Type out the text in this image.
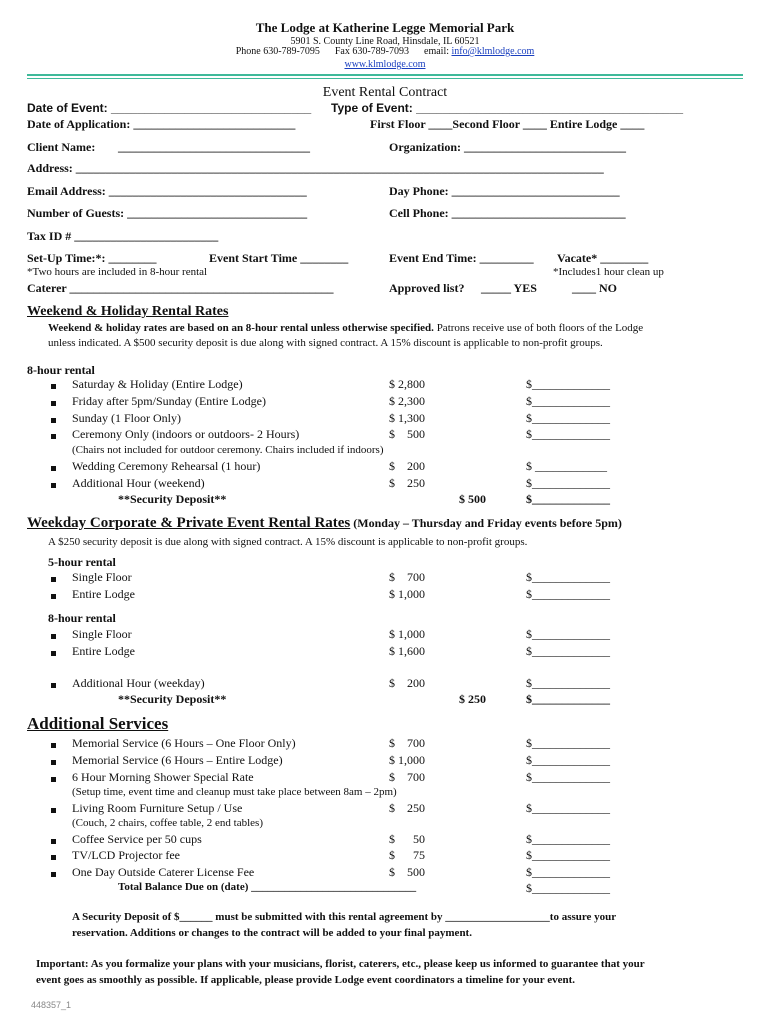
The Lodge at Katherine Legge Memorial Park
5901 S. County Line Road, Hinsdale, IL 60521
Phone 630-789-7095      Fax 630-789-7093      email: info@klmlodge.com
www.klmlodge.com
Event Rental Contract
Date of Event: ______________________________ Type of Event: ________________________________________
Date of Application: ___________________________	First Floor ____Second Floor ____ Entire Lodge ____
Client Name: ________________________________	Organization: ___________________________
Address: ________________________________________________________________________________________
Email Address: _________________________________	Day Phone: ____________________________
Number of Guests: ______________________________	Cell Phone: _____________________________
Tax ID # ________________________
Set-Up Time:*: ________	Event Start Time ________	Event End Time: _________ Vacate* ________
*Two hours are included in 8-hour rental	*Includes1 hour clean up
Caterer ____________________________________________	Approved list? _____ YES	____ NO
Weekend & Holiday Rental Rates
Weekend & holiday rates are based on an 8-hour rental unless otherwise specified. Patrons receive use of both floors of the Lodge
unless indicated. A $500 security deposit is due along with signed contract. A 15% discount is applicable to non-profit groups.
8-hour rental
Saturday & Holiday (Entire Lodge)	$ 2,800	$_____________
Friday after 5pm/Sunday (Entire Lodge)	$ 2,300	$_____________
Sunday (1 Floor Only)	$ 1,300	$_____________
Ceremony Only (indoors or outdoors- 2 Hours)	$    500	$_____________
(Chairs not included for outdoor ceremony. Chairs included if indoors)
Wedding Ceremony Rehearsal (1 hour)	$    200	$ ____________
Additional Hour (weekend)	$    250	$_____________
**Security Deposit**	$ 500	$_____________
Weekday Corporate & Private Event Rental Rates (Monday – Thursday and Friday events before 5pm)
A $250 security deposit is due along with signed contract. A 15% discount is applicable to non-profit groups.
5-hour rental
Single Floor	$    700	$_____________
Entire Lodge	$ 1,000	$_____________
8-hour rental
Single Floor	$ 1,000	$_____________
Entire Lodge	$ 1,600	$_____________
Additional Hour (weekday)	$    200	$_____________
**Security Deposit**	$ 250	$_____________
Additional Services
Memorial Service (6 Hours – One Floor Only)	$    700	$_____________
Memorial Service (6 Hours – Entire Lodge)	$ 1,000	$_____________
6 Hour Morning Shower Special Rate	$    700	$_____________
(Setup time, event time and cleanup must take place between 8am – 2pm)
Living Room Furniture Setup / Use	$    250	$_____________
(Couch, 2 chairs, coffee table, 2 end tables)
Coffee Service per 50 cups	$      50	$_____________
TV/LCD Projector fee	$      75	$_____________
One Day Outside Caterer License Fee	$    500	$_____________
Total Balance Due on (date) ______________________________	$_____________
A Security Deposit of $______ must be submitted with this rental agreement by ___________________to assure your
reservation. Additions or changes to the contract will be added to your final payment.
Important: As you formalize your plans with your musicians, florist, caterers, etc., please keep us informed to guarantee that your
event goes as smoothly as possible. If applicable, please provide Lodge event coordinators a timeline for your event.
448357_1
